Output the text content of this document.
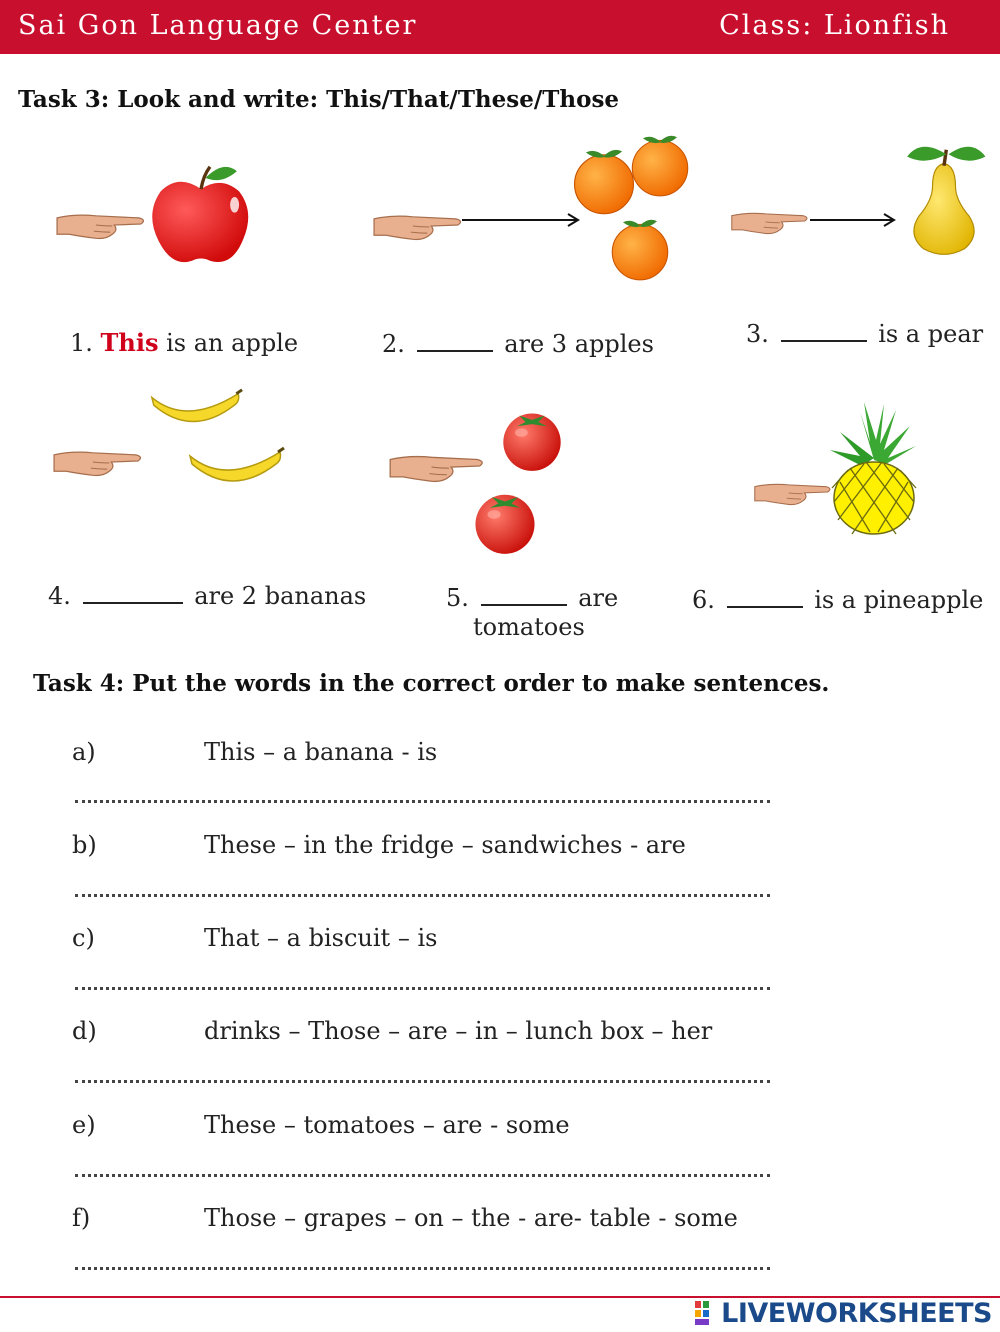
Sai Gon Language Center	Class: Lionfish
Task 3: Look and write: This/That/These/Those
1. This is an apple	2.	are 3 apples	3.	is a pear
4.	are 2 bananas	5.	are
tomatoes
6.	is a pineapple
Task 4: Put the words in the correct order to make sentences.
a)	This – a banana - is
b)	These – in the fridge – sandwiches - are
c)	That – a biscuit – is
d)	drinks – Those – are – in – lunch box – her
e)	These – tomatoes – are - some
f)	Those – grapes – on – the - are- table - some
LIVEWORKSHEETS
